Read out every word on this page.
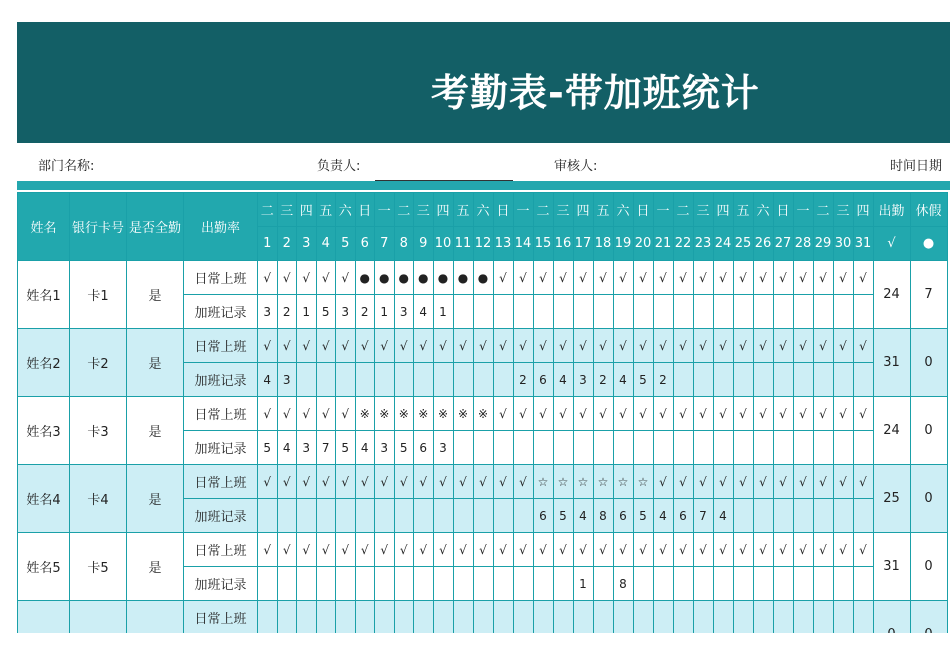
考勤表-带加班统计
部门名称:	负责人:	审核人:	时间日期
姓名	银行卡号	是否全勤	出勤率	二	三	四	五	六	日	一	二	三	四	五	六	日	一	二	三	四	五	六	日	一	二	三	四	五	六	日	一	二	三	四	出勤	休假
				1	2	3	4	5	6	7	8	9	10	11	12	13	14	15	16	17	18	19	20	21	22	23	24	25	26	27	28	29	30	31	√	●
姓名1	卡1	是	日常上班	√	√	√	√	√	●	●	●	●	●	●	●	√	√	√	√	√	√	√	√	√	√	√	√	√	√	√	√	√	√	√	24	7
			加班记录	3	2	1	5	3	2	1	3	4	1																							
姓名2	卡2	是	日常上班	√	√	√	√	√	√	√	√	√	√	√	√	√	√	√	√	√	√	√	√	√	√	√	√	√	√	√	√	√	√	√	31	0
			加班记录	4	3												2	6	4	3	2	4	5	2												
姓名3	卡3	是	日常上班	√	√	√	√	√	※	※	※	※	※	※	※	√	√	√	√	√	√	√	√	√	√	√	√	√	√	√	√	√	√	√	24	0
			加班记录	5	4	3	7	5	4	3	5	6	3																							
姓名4	卡4	是	日常上班	√	√	√	√	√	√	√	√	√	√	√	√	√	√	☆	☆	☆	☆	☆	☆	√	√	√	√	√	√	√	√	√	√	√	25	0
			加班记录															6	5	4	8	6	5	4	6	7	4									
姓名5	卡5	是	日常上班	√	√	√	√	√	√	√	√	√	√	√	√	√	√	√	√	√	√	√	√	√	√	√	√	√	√	√	√	√	√	√	31	0
			加班记录																	1		8														
			日常上班																																	
